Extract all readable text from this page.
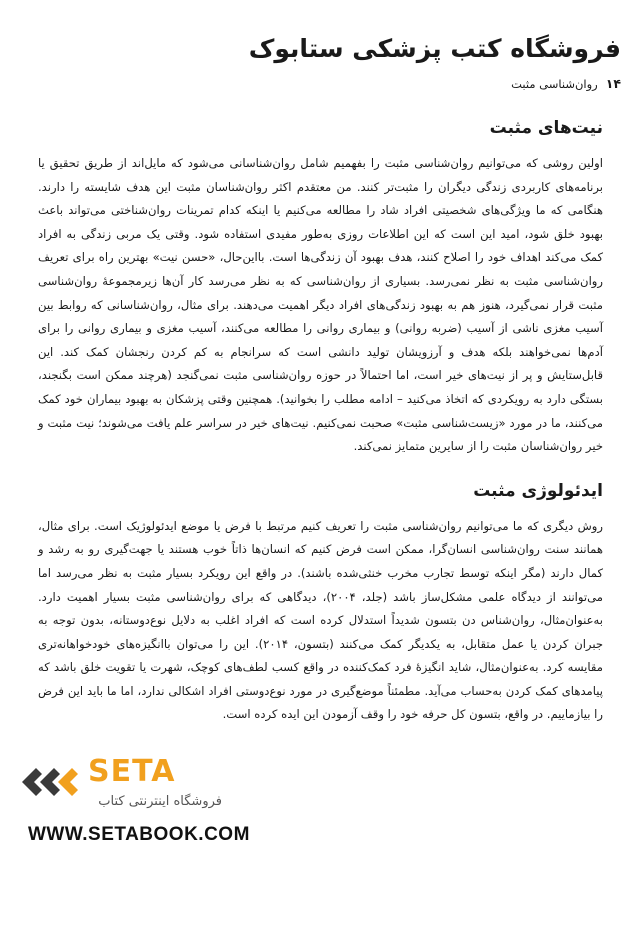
فروشگاه کتب پزشکی ستابوک
۱۴
روان‌شناسی مثبت
نیت‌های مثبت

اولین روشی که می‌توانیم روان‌شناسی مثبت را بفهمیم شامل روان‌شناسانی می‌شود که مایل‌اند از طریق تحقیق یا برنامه‌های کاربردی زندگی دیگران را مثبت‌تر کنند. من معتقدم اکثر روان‌شناسان مثبت این هدف شایسته را دارند. هنگامی که ما ویژگی‌های شخصیتی افراد شاد را مطالعه می‌کنیم یا اینکه کدام تمرینات روان‌شناختی می‌تواند باعث بهبود خلق شود، امید این است که این اطلاعات روزی به‌طور مفیدی استفاده شود. وقتی یک مربی زندگی به افراد کمک می‌کند اهداف خود را اصلاح کنند، هدف بهبود آن زندگی‌ها است. بااین‌حال، «حسن نیت» بهترین راه برای تعریف روان‌شناسی مثبت به نظر نمی‌رسد. بسیاری از روان‌شناسی که به نظر می‌رسد کار آن‌ها زیرمجموعهٔ روان‌شناسی مثبت قرار نمی‌گیرد، هنوز هم به بهبود زندگی‌های افراد دیگر اهمیت می‌دهند. برای مثال، روان‌شناسانی که روابط بین آسیب مغزی ناشی از آسیب (ضربه روانی) و بیماری روانی را مطالعه می‌کنند، آسیب مغزی و بیماری روانی را برای آدم‌ها نمی‌خواهند بلکه هدف و آرزویشان تولید دانشی است که سرانجام به کم کردن رنجشان کمک کند. این قابل‌ستایش و پر از نیت‌های خیر است، اما احتمالاً در حوزه روان‌شناسی مثبت نمی‌گنجد (هرچند ممکن است بگنجند، بستگی دارد به رویکردی که اتخاذ می‌کنید – ادامه مطلب را بخوانید). همچنین وقتی پزشکان به بهبود بیماران خود کمک می‌کنند، ما در مورد «زیست‌شناسی مثبت» صحبت نمی‌کنیم. نیت‌های خیر در سراسر علم یافت می‌شوند؛ نیت مثبت و خیر روان‌شناسان مثبت را از سایرین متمایز نمی‌کند.

ایدئولوژی مثبت

روش دیگری که ما می‌توانیم روان‌شناسی مثبت را تعریف کنیم مرتبط با فرض یا موضع ایدئولوژیک است. برای مثال، همانند سنت روان‌شناسی انسان‌گرا، ممکن است فرض کنیم که انسان‌ها ذاتاً خوب هستند یا جهت‌گیری رو به رشد و کمال دارند (مگر اینکه توسط تجارب مخرب خنثی‌شده باشند). در واقع این رویکرد بسیار مثبت به نظر می‌رسد اما می‌توانند از دیدگاه علمی مشکل‌ساز باشد (جلد، ۲۰۰۴)، دیدگاهی که برای روان‌شناسی مثبت بسیار اهمیت دارد. به‌عنوان‌مثال، روان‌شناس دن بتسون شدیداً استدلال کرده است که افراد اغلب به دلایل نوع‌دوستانه، بدون توجه به جبران کردن یا عمل متقابل، به یکدیگر کمک می‌کنند (بتسون، ۲۰۱۴). این را می‌توان باانگیزه‌های خودخواهانه‌تری مقایسه کرد. به‌عنوان‌مثال، شاید انگیزهٔ فرد کمک‌کننده در واقع کسب لطف‌های کوچک، شهرت یا تقویت خلق باشد که پیامدهای کمک کردن به‌حساب می‌آید. مطمئناً موضع‌گیری در مورد نوع‌دوستی افراد اشکالی ندارد، اما ما باید این فرض را بیازماییم. در واقع، بتسون کل حرفه خود را وقف آزمودن این ایده کرده است.

SETA
فروشگاه اینترنتی کتاب
WWW.SETABOOK.COM
